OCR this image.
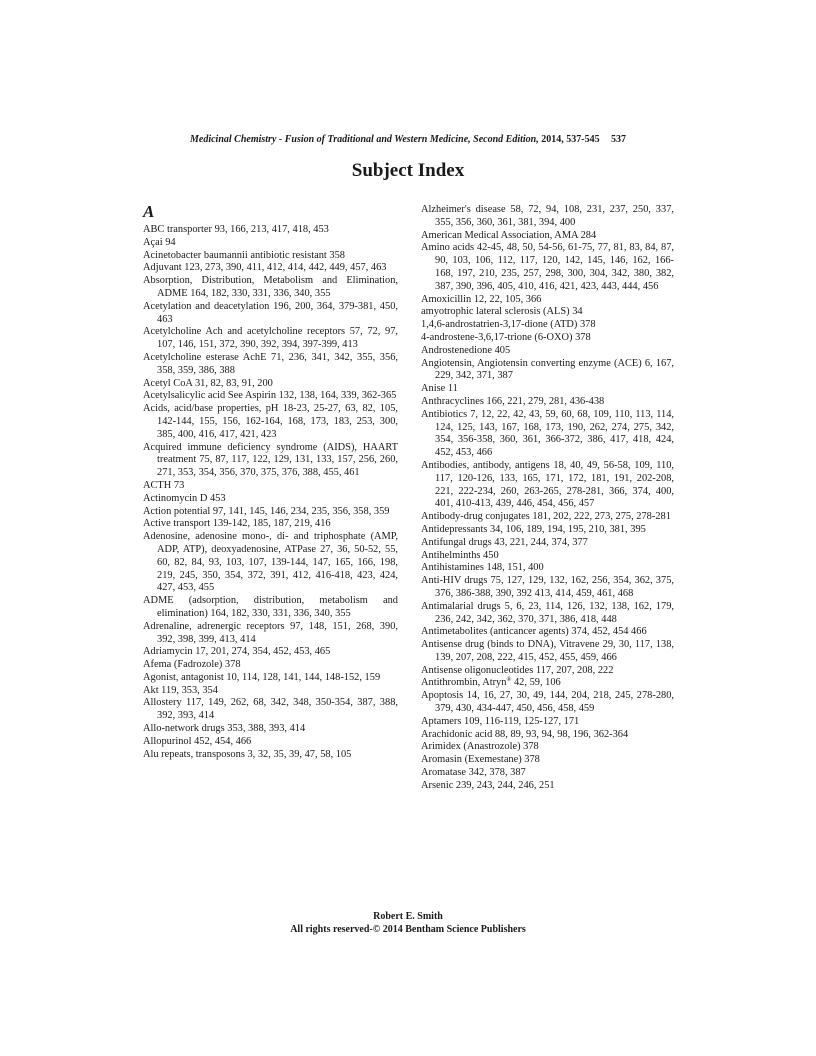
Medicinal Chemistry - Fusion of Traditional and Western Medicine, Second Edition, 2014, 537-545 537
Subject Index
A

ABC transporter 93, 166, 213, 417, 418, 453

Açai 94

Acinetobacter baumannii antibiotic resistant 358

Adjuvant 123, 273, 390, 411, 412, 414, 442, 449, 457, 463

Absorption, Distribution, Metabolism and Elimination, ADME 164, 182, 330, 331, 336, 340, 355

Acetylation and deacetylation 196, 200, 364, 379-381, 450, 463

Acetylcholine Ach and acetylcholine receptors 57, 72, 97, 107, 146, 151, 372, 390, 392, 394, 397-399, 413

Acetylcholine esterase AchE 71, 236, 341, 342, 355, 356, 358, 359, 386, 388

Acetyl CoA 31, 82, 83, 91, 200

Acetylsalicylic acid See Aspirin 132, 138, 164, 339, 362-365

Acids, acid/base properties, pH 18-23, 25-27, 63, 82, 105, 142-144, 155, 156, 162-164, 168, 173, 183, 253, 300, 385, 400, 416, 417, 421, 423

Acquired immune deficiency syndrome (AIDS), HAART treatment 75, 87, 117, 122, 129, 131, 133, 157, 256, 260, 271, 353, 354, 356, 370, 375, 376, 388, 455, 461

ACTH 73

Actinomycin D 453

Action potential 97, 141, 145, 146, 234, 235, 356, 358, 359

Active transport 139-142, 185, 187, 219, 416

Adenosine, adenosine mono-, di- and triphosphate (AMP, ADP, ATP), deoxyadenosine, ATPase 27, 36, 50-52, 55, 60, 82, 84, 93, 103, 107, 139-144, 147, 165, 166, 198, 219, 245, 350, 354, 372, 391, 412, 416-418, 423, 424, 427, 453, 455

ADME (adsorption, distribution, metabolism and elimination) 164, 182, 330, 331, 336, 340, 355

Adrenaline, adrenergic receptors 97, 148, 151, 268, 390, 392, 398, 399, 413, 414

Adriamycin 17, 201, 274, 354, 452, 453, 465

Afema (Fadrozole) 378

Agonist, antagonist 10, 114, 128, 141, 144, 148-152, 159

Akt 119, 353, 354

Allostery 117, 149, 262, 68, 342, 348, 350-354, 387, 388, 392, 393, 414

Allo-network drugs 353, 388, 393, 414

Allopurinol 452, 454, 466

Alu repeats, transposons 3, 32, 35, 39, 47, 58, 105

Alzheimer's disease 58, 72, 94, 108, 231, 237, 250, 337, 355, 356, 360, 361, 381, 394, 400

American Medical Association, AMA 284

Amino acids 42-45, 48, 50, 54-56, 61-75, 77, 81, 83, 84, 87, 90, 103, 106, 112, 117, 120, 142, 145, 146, 162, 166-168, 197, 210, 235, 257, 298, 300, 304, 342, 380, 382, 387, 390, 396, 405, 410, 416, 421, 423, 443, 444, 456

Amoxicillin 12, 22, 105, 366

amyotrophic lateral sclerosis (ALS) 34

1,4,6-androstatrien-3,17-dione (ATD) 378

4-androstene-3,6,17-trione (6-OXO) 378

Androstenedione 405

Angiotensin, Angiotensin converting enzyme (ACE) 6, 167, 229, 342, 371, 387

Anise 11

Anthracyclines 166, 221, 279, 281, 436-438

Antibiotics 7, 12, 22, 42, 43, 59, 60, 68, 109, 110, 113, 114, 124, 125, 143, 167, 168, 173, 190, 262, 274, 275, 342, 354, 356-358, 360, 361, 366-372, 386, 417, 418, 424, 452, 453, 466

Antibodies, antibody, antigens 18, 40, 49, 56-58, 109, 110, 117, 120-126, 133, 165, 171, 172, 181, 191, 202-208, 221, 222-234, 260, 263-265, 278-281, 366, 374, 400, 401, 410-413, 439, 446, 454, 456, 457

Antibody-drug conjugates 181, 202, 222, 273, 275, 278-281

Antidepressants 34, 106, 189, 194, 195, 210, 381, 395

Antifungal drugs 43, 221, 244, 374, 377

Antihelminths 450

Antihistamines 148, 151, 400

Anti-HIV drugs 75, 127, 129, 132, 162, 256, 354, 362, 375, 376, 386-388, 390, 392 413, 414, 459, 461, 468

Antimalarial drugs 5, 6, 23, 114, 126, 132, 138, 162, 179, 236, 242, 342, 362, 370, 371, 386, 418, 448

Antimetabolites (anticancer agents) 374, 452, 454 466

Antisense drug (binds to DNA), Vitravene 29, 30, 117, 138, 139, 207, 208, 222, 415, 452, 455, 459, 466

Antisense oligonucleotides 117, 207, 208, 222

Antithrombin, Atryn® 42, 59, 106

Apoptosis 14, 16, 27, 30, 49, 144, 204, 218, 245, 278-280, 379, 430, 434-447, 450, 456, 458, 459

Aptamers 109, 116-119, 125-127, 171

Arachidonic acid 88, 89, 93, 94, 98, 196, 362-364

Arimidex (Anastrozole) 378

Aromasin (Exemestane) 378

Aromatase 342, 378, 387

Arsenic 239, 243, 244, 246, 251

Robert E. Smith
All rights reserved-© 2014 Bentham Science Publishers
